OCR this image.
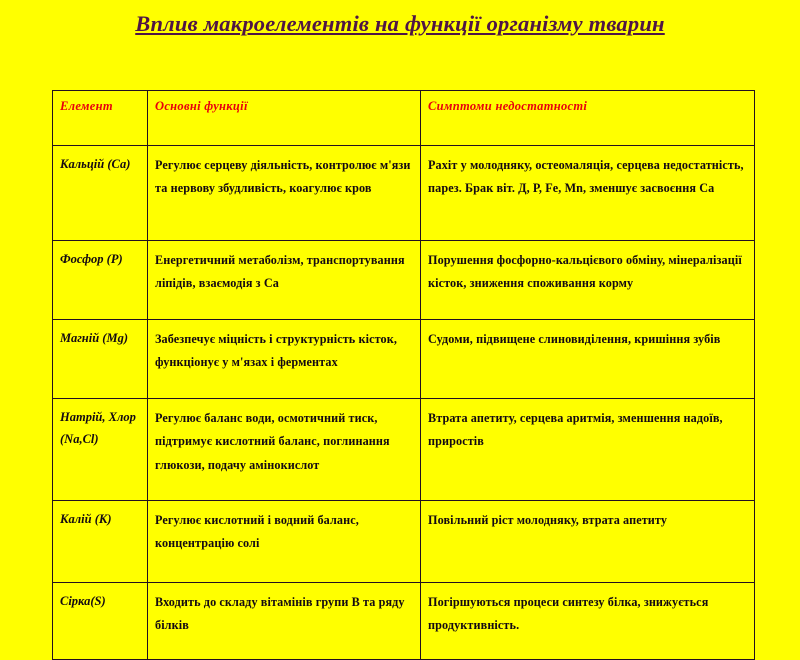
Вплив макроелементів на функції організму тварин
Елемент	Основні функції	Симптоми недостатності

Кальцій (Са)	Регулює серцеву діяльність, контролює м'язи та нервову збудливість, коагулює кров	Рахіт у молодняку, остеомаляція, серцева недостатність, парез. Брак віт. Д, Р, Fe, Mn, зменшує засвоєння Са

Фосфор (Р)	Енергетичний метаболізм, транспортування ліпідів, взаємодія з Са	Порушення фосфорно-кальцієвого обміну, мінералізації кісток, зниження споживання корму

Магній (Mg)	Забезпечує міцність і структурність кісток, функціонує у м'язах і ферментах	Судоми, підвищене слиновиділення, кришіння зубів

Натрій, Хлор (Na,Cl)	Регулює баланс води, осмотичний тиск, підтримує кислотний баланс, поглинання глюкози, подачу амінокислот	Втрата апетиту, серцева аритмія, зменшення надоїв, приростів

Калій (К)	Регулює кислотний і водний баланс, концентрацію солі	Повільний ріст молодняку, втрата апетиту

Сірка(S)	Входить до складу вітамінів групи В та ряду білків	Погіршуються процеси синтезу білка, знижується продуктивність.
